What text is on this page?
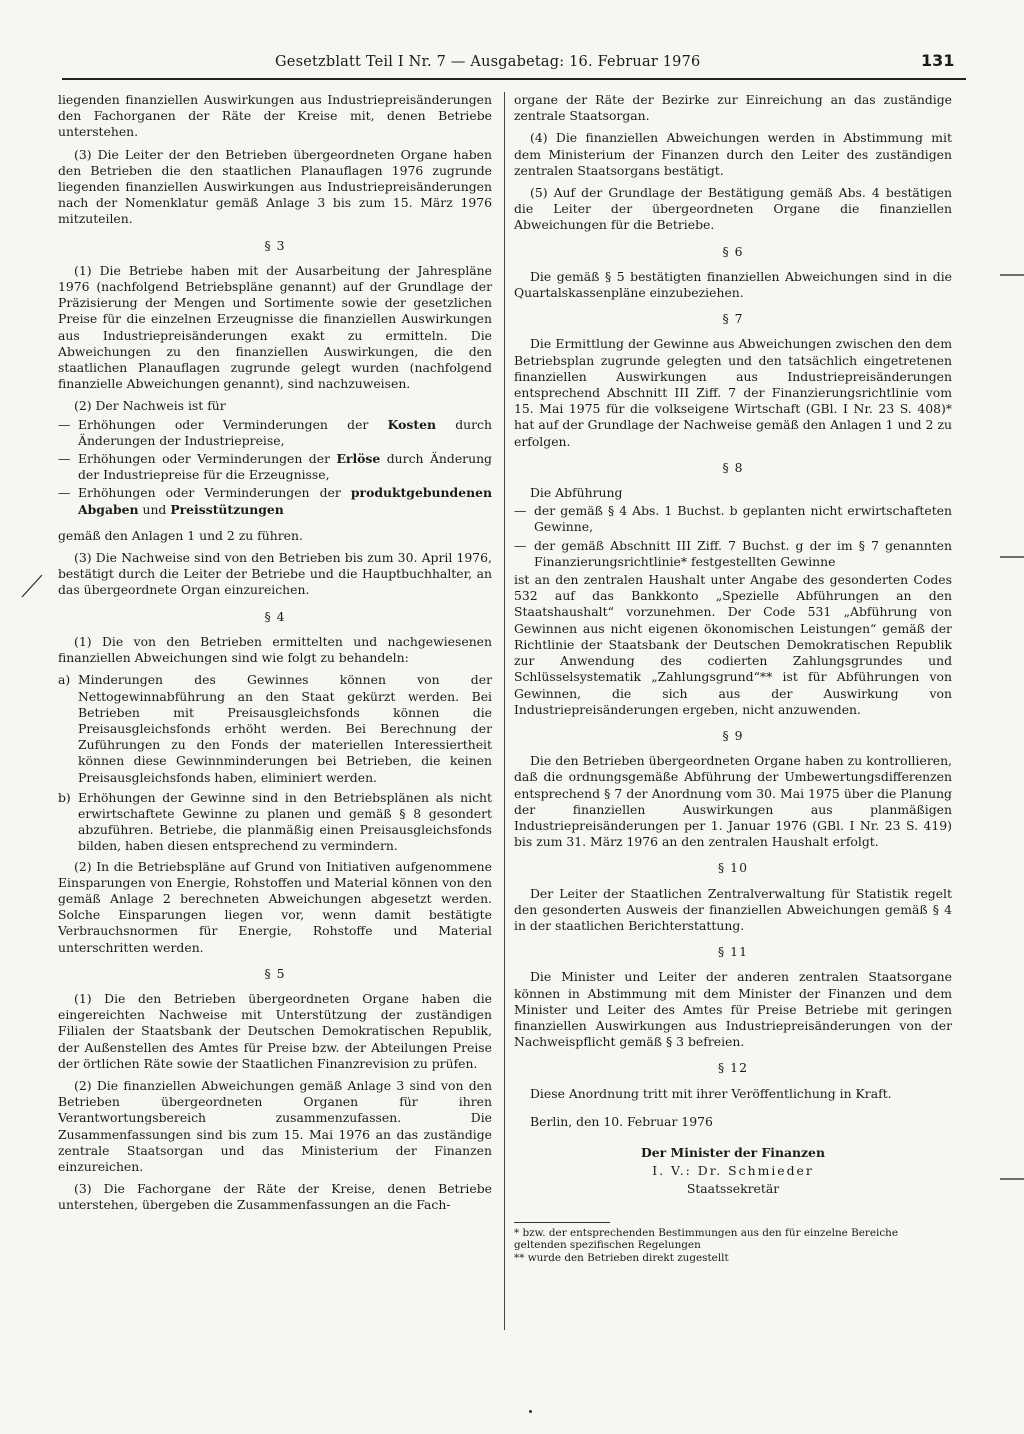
Gesetzblatt Teil I Nr. 7 — Ausgabetag: 16. Februar 1976	131

liegenden finanziellen Auswirkungen aus Industriepreisänderungen den Fachorganen der Räte der Kreise mit, denen Betriebe unterstehen.

(3) Die Leiter der den Betrieben übergeordneten Organe haben den Betrieben die den staatlichen Planauflagen 1976 zugrunde liegenden finanziellen Auswirkungen aus Industriepreisänderungen nach der Nomenklatur gemäß Anlage 3 bis zum 15. März 1976 mitzuteilen.

§ 3

(1) Die Betriebe haben mit der Ausarbeitung der Jahrespläne 1976 (nachfolgend Betriebspläne genannt) auf der Grundlage der Präzisierung der Mengen und Sortimente sowie der gesetzlichen Preise für die einzelnen Erzeugnisse die finanziellen Auswirkungen aus Industriepreisänderungen exakt zu ermitteln. Die Abweichungen zu den finanziellen Auswirkungen, die den staatlichen Planauflagen zugrunde gelegt wurden (nachfolgend finanzielle Abweichungen genannt), sind nachzuweisen.

(2) Der Nachweis ist für

— Erhöhungen oder Verminderungen der Kosten durch Änderungen der Industriepreise,
— Erhöhungen oder Verminderungen der Erlöse durch Änderung der Industriepreise für die Erzeugnisse,
— Erhöhungen oder Verminderungen der produktgebundenen Abgaben und Preisstützungen

gemäß den Anlagen 1 und 2 zu führen.

(3) Die Nachweise sind von den Betrieben bis zum 30. April 1976, bestätigt durch die Leiter der Betriebe und die Hauptbuchhalter, an das übergeordnete Organ einzureichen.

§ 4

(1) Die von den Betrieben ermittelten und nachgewiesenen finanziellen Abweichungen sind wie folgt zu behandeln:

a) Minderungen des Gewinnes können von der Nettogewinnabführung an den Staat gekürzt werden. Bei Betrieben mit Preisausgleichsfonds können die Preisausgleichsfonds erhöht werden. Bei Berechnung der Zuführungen zu den Fonds der materiellen Interessiertheit können diese Gewinnminderungen bei Betrieben, die keinen Preisausgleichsfonds haben, eliminiert werden.
b) Erhöhungen der Gewinne sind in den Betriebsplänen als nicht erwirtschaftete Gewinne zu planen und gemäß § 8 gesondert abzuführen. Betriebe, die planmäßig einen Preisausgleichsfonds bilden, haben diesen entsprechend zu vermindern.

(2) In die Betriebspläne auf Grund von Initiativen aufgenommene Einsparungen von Energie, Rohstoffen und Material können von den gemäß Anlage 2 berechneten Abweichungen abgesetzt werden. Solche Einsparungen liegen vor, wenn damit bestätigte Verbrauchsnormen für Energie, Rohstoffe und Material unterschritten werden.

§ 5

(1) Die den Betrieben übergeordneten Organe haben die eingereichten Nachweise mit Unterstützung der zuständigen Filialen der Staatsbank der Deutschen Demokratischen Republik, der Außenstellen des Amtes für Preise bzw. der Abteilungen Preise der örtlichen Räte sowie der Staatlichen Finanzrevision zu prüfen.

(2) Die finanziellen Abweichungen gemäß Anlage 3 sind von den Betrieben übergeordneten Organen für ihren Verantwortungsbereich zusammenzufassen. Die Zusammenfassungen sind bis zum 15. Mai 1976 an das zuständige zentrale Staatsorgan und das Ministerium der Finanzen einzureichen.

(3) Die Fachorgane der Räte der Kreise, denen Betriebe unterstehen, übergeben die Zusammenfassungen an die Fach-

organe der Räte der Bezirke zur Einreichung an das zuständige zentrale Staatsorgan.

(4) Die finanziellen Abweichungen werden in Abstimmung mit dem Ministerium der Finanzen durch den Leiter des zuständigen zentralen Staatsorgans bestätigt.

(5) Auf der Grundlage der Bestätigung gemäß Abs. 4 bestätigen die Leiter der übergeordneten Organe die finanziellen Abweichungen für die Betriebe.

§ 6

Die gemäß § 5 bestätigten finanziellen Abweichungen sind in die Quartalskassenpläne einzubeziehen.

§ 7

Die Ermittlung der Gewinne aus Abweichungen zwischen den dem Betriebsplan zugrunde gelegten und den tatsächlich eingetretenen finanziellen Auswirkungen aus Industriepreisänderungen entsprechend Abschnitt III Ziff. 7 der Finanzierungsrichtlinie vom 15. Mai 1975 für die volkseigene Wirtschaft (GBl. I Nr. 23 S. 408)* hat auf der Grundlage der Nachweise gemäß den Anlagen 1 und 2 zu erfolgen.

§ 8

Die Abführung

— der gemäß § 4 Abs. 1 Buchst. b geplanten nicht erwirtschafteten Gewinne,
— der gemäß Abschnitt III Ziff. 7 Buchst. g der im § 7 genannten Finanzierungsrichtlinie* festgestellten Gewinne

ist an den zentralen Haushalt unter Angabe des gesonderten Codes 532 auf das Bankkonto „Spezielle Abführungen an den Staatshaushalt“ vorzunehmen. Der Code 531 „Abführung von Gewinnen aus nicht eigenen ökonomischen Leistungen“ gemäß der Richtlinie der Staatsbank der Deutschen Demokratischen Republik zur Anwendung des codierten Zahlungsgrundes und Schlüsselsystematik „Zahlungsgrund“** ist für Abführungen von Gewinnen, die sich aus der Auswirkung von Industriepreisänderungen ergeben, nicht anzuwenden.

§ 9

Die den Betrieben übergeordneten Organe haben zu kontrollieren, daß die ordnungsgemäße Abführung der Umbewertungsdifferenzen entsprechend § 7 der Anordnung vom 30. Mai 1975 über die Planung der finanziellen Auswirkungen aus planmäßigen Industriepreisänderungen per 1. Januar 1976 (GBl. I Nr. 23 S. 419) bis zum 31. März 1976 an den zentralen Haushalt erfolgt.

§ 10

Der Leiter der Staatlichen Zentralverwaltung für Statistik regelt den gesonderten Ausweis der finanziellen Abweichungen gemäß § 4 in der staatlichen Berichterstattung.

§ 11

Die Minister und Leiter der anderen zentralen Staatsorgane können in Abstimmung mit dem Minister der Finanzen und dem Minister und Leiter des Amtes für Preise Betriebe mit geringen finanziellen Auswirkungen aus Industriepreisänderungen von der Nachweispflicht gemäß § 3 befreien.

§ 12

Diese Anordnung tritt mit ihrer Veröffentlichung in Kraft.

Berlin, den 10. Februar 1976

Der Minister der Finanzen
I. V.: Dr. Schmieder
Staatssekretär

* bzw. der entsprechenden Bestimmungen aus den für einzelne Bereiche geltenden spezifischen Regelungen

** wurde den Betrieben direkt zugestellt
